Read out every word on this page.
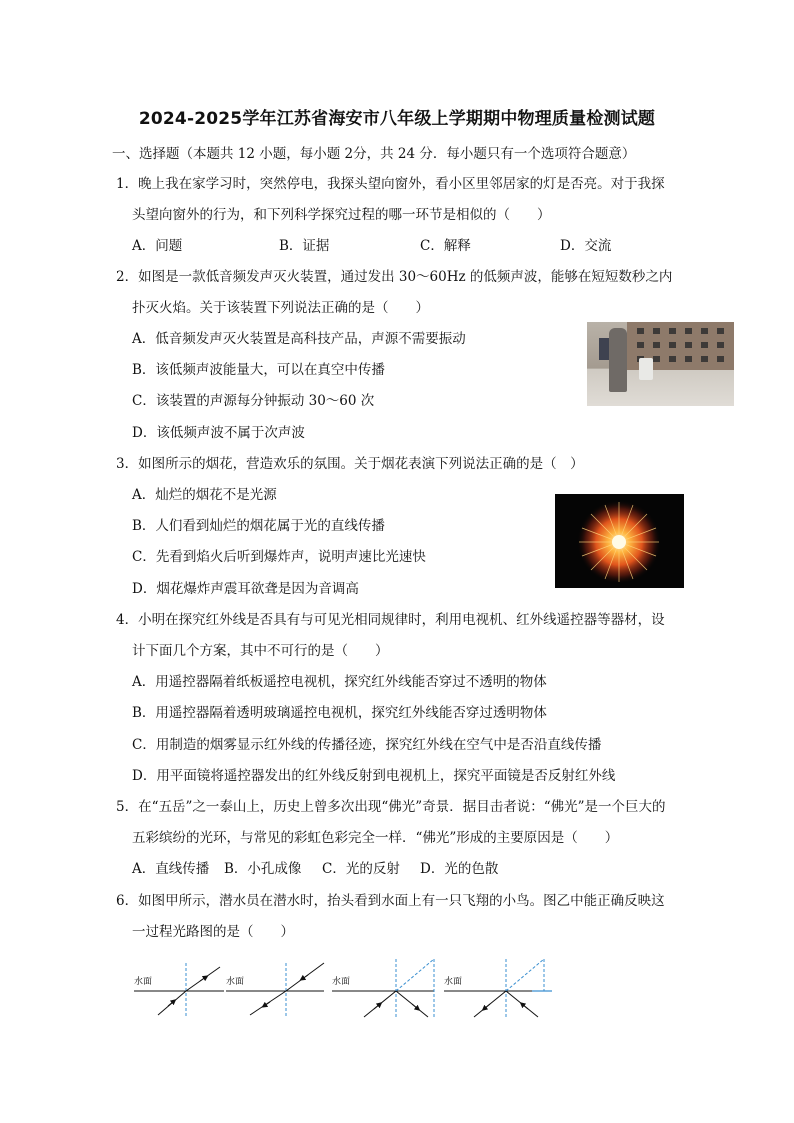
2024-2025学年江苏省海安市八年级上学期期中物理质量检测试题
一、选择题（本题共 12 小题，每小题 2分，共 24 分．每小题只有一个选项符合题意）
1．晚上我在家学习时，突然停电，我探头望向窗外，看小区里邻居家的灯是否亮。对于我探
头望向窗外的行为，和下列科学探究过程的哪一环节是相似的（　　）
A．问题	B．证据	C．解释	D．交流
2．如图是一款低音频发声灭火装置，通过发出 30～60Hz 的低频声波，能够在短短数秒之内
扑灭火焰。关于该装置下列说法正确的是（　　）
A．低音频发声灭火装置是高科技产品，声源不需要振动
B．该低频声波能量大，可以在真空中传播
C．该装置的声源每分钟振动 30～60 次
D．该低频声波不属于次声波
3．如图所示的烟花，营造欢乐的氛围。关于烟花表演下列说法正确的是（　）
A．灿烂的烟花不是光源
B．人们看到灿烂的烟花属于光的直线传播
C．先看到焰火后听到爆炸声，说明声速比光速快
D．烟花爆炸声震耳欲聋是因为音调高
4．小明在探究红外线是否具有与可见光相同规律时，利用电视机、红外线遥控器等器材，设
计下面几个方案，其中不可行的是（　　）
A．用遥控器隔着纸板遥控电视机，探究红外线能否穿过不透明的物体
B．用遥控器隔着透明玻璃遥控电视机，探究红外线能否穿过透明物体
C．用制造的烟雾显示红外线的传播径迹，探究红外线在空气中是否沿直线传播
D．用平面镜将遥控器发出的红外线反射到电视机上，探究平面镜是否反射红外线
5．在“五岳”之一泰山上，历史上曾多次出现“佛光”奇景．据目击者说：“佛光”是一个巨大的
五彩缤纷的光环，与常见的彩虹色彩完全一样．“佛光”形成的主要原因是（　　）
A．直线传播 B．小孔成像 C．光的反射 D．光的色散
6．如图甲所示，潜水员在潜水时，抬头看到水面上有一只飞翔的小鸟。图乙中能正确反映这
一过程光路图的是（　　）
水面	水面	水面	水面
